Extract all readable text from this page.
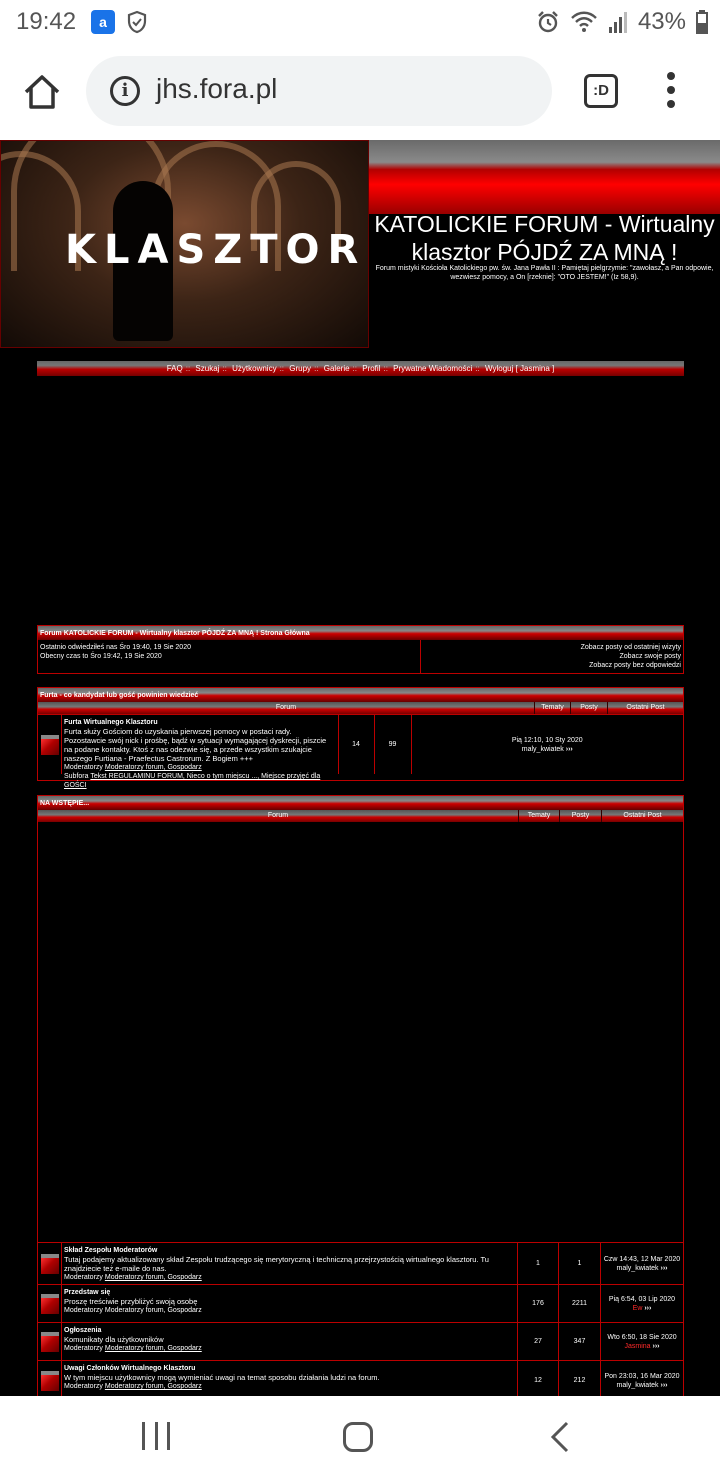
19:42	a	43%
i jhs.fora.pl	:D
KLASZTOR
KATOLICKIE FORUM - Wirtualny klasztor PÓJDŹ ZA MNĄ !
Forum mistyki Kościoła Katolickiego pw. św. Jana Pawła II : Pamiętaj pielgrzymie: "zawołasz, a Pan odpowie, wezwiesz pomocy, a On [rzeknie]: "OTO JESTEM!" (Iz 58,9).
FAQ :: Szukaj :: Użytkownicy :: Grupy :: Galerie :: Profil :: Prywatne Wiadomości :: Wyloguj [ Jasmina ]
Forum KATOLICKIE FORUM - Wirtualny klasztor PÓJDŹ ZA MNĄ ! Strona Główna
Ostatnio odwiedziłeś nas Śro 19:40, 19 Sie 2020
Obecny czas to Śro 19:42, 19 Sie 2020
Zobacz posty od ostatniej wizyty
Zobacz swoje posty
Zobacz posty bez odpowiedzi
Furta - co kandydat lub gość powinien wiedzieć
Forum	Tematy	Posty	Ostatni Post
Furta Wirtualnego Klasztoru
Furta służy Gościom do uzyskania pierwszej pomocy w postaci rady. Pozostawcie swój nick i prośbę, bądź w sytuacji wymagającej dyskrecji, piszcie na podane kontakty. Ktoś z nas odezwie się, a przede wszystkim szukajcie naszego Furtiana - Praefectus Castrorum. Z Bogiem +++
Moderatorzy Moderatorzy forum, Gospodarz
Subfora Tekst REGULAMINU FORUM, Nieco o tym miejscu ..., Miejsce przyjęć dla GOŚCI
14	99
Pią 12:10, 10 Sty 2020
maly_kwiatek ›››
NA WSTĘPIE...
Forum	Tematy	Posty	Ostatni Post
Skład Zespołu Moderatorów
Tutaj podajemy aktualizowany skład Zespołu trudzącego się merytoryczną i techniczną przejrzystością wirtualnego klasztoru. Tu znajdziecie też e-maile do nas.
Moderatorzy Moderatorzy forum, Gospodarz
1	1
Czw 14:43, 12 Mar 2020
maly_kwiatek ›››
Przedstaw się
Proszę treściwie przybliżyć swoją osobę
Moderatorzy Moderatorzy forum, Gospodarz
176	2211
Pią 6:54, 03 Lip 2020
Ew ›››
Ogłoszenia
Komunikaty dla użytkowników
Moderatorzy Moderatorzy forum, Gospodarz
27	347
Wto 6:50, 18 Sie 2020
Jasmina ›››
Uwagi Członków Wirtualnego Klasztoru
W tym miejscu użytkownicy mogą wymieniać uwagi na temat sposobu działania ludzi na forum.
Moderatorzy Moderatorzy forum, Gospodarz
12	212
Pon 23:03, 16 Mar 2020
maly_kwiatek ›››
